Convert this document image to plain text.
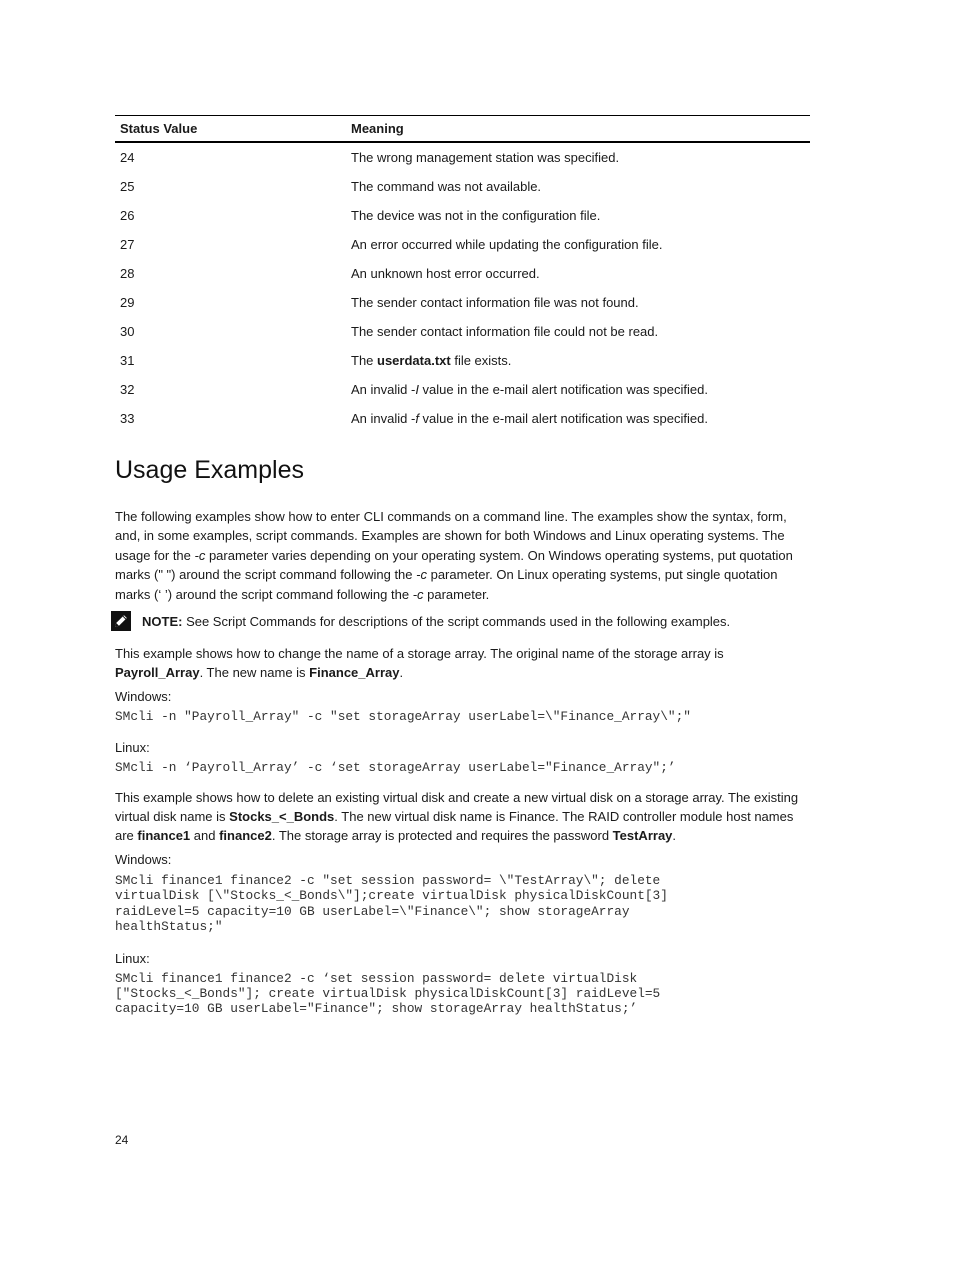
Status Value	Meaning
24	The wrong management station was specified.
25	The command was not available.
26	The device was not in the configuration file.
27	An error occurred while updating the configuration file.
28	An unknown host error occurred.
29	The sender contact information file was not found.
30	The sender contact information file could not be read.
31	The userdata.txt file exists.
32	An invalid -I value in the e-mail alert notification was specified.
33	An invalid -f value in the e-mail alert notification was specified.
Usage Examples

The following examples show how to enter CLI commands on a command line. The examples show the syntax, form, and, in some examples, script commands. Examples are shown for both Windows and Linux operating systems. The usage for the -c parameter varies depending on your operating system. On Windows operating systems, put quotation marks (" ") around the script command following the -c parameter. On Linux operating systems, put single quotation marks (‘ ’) around the script command following the -c parameter.

NOTE: See Script Commands for descriptions of the script commands used in the following examples.

This example shows how to change the name of a storage array. The original name of the storage array is Payroll_Array. The new name is Finance_Array.

Windows:

SMcli -n "Payroll_Array" -c "set storageArray userLabel=\"Finance_Array\";"

Linux:

SMcli -n ‘Payroll_Array’ -c ‘set storageArray userLabel="Finance_Array";’

This example shows how to delete an existing virtual disk and create a new virtual disk on a storage array. The existing virtual disk name is Stocks_<_Bonds. The new virtual disk name is Finance. The RAID controller module host names are finance1 and finance2. The storage array is protected and requires the password TestArray.

Windows:

SMcli finance1 finance2 -c "set session password= \"TestArray\"; delete
virtualDisk [\"Stocks_<_Bonds\"];create virtualDisk physicalDiskCount[3]
raidLevel=5 capacity=10 GB userLabel=\"Finance\"; show storageArray
healthStatus;"

Linux:

SMcli finance1 finance2 -c ‘set session password= delete virtualDisk
["Stocks_<_Bonds"]; create virtualDisk physicalDiskCount[3] raidLevel=5
capacity=10 GB userLabel="Finance"; show storageArray healthStatus;’
24
